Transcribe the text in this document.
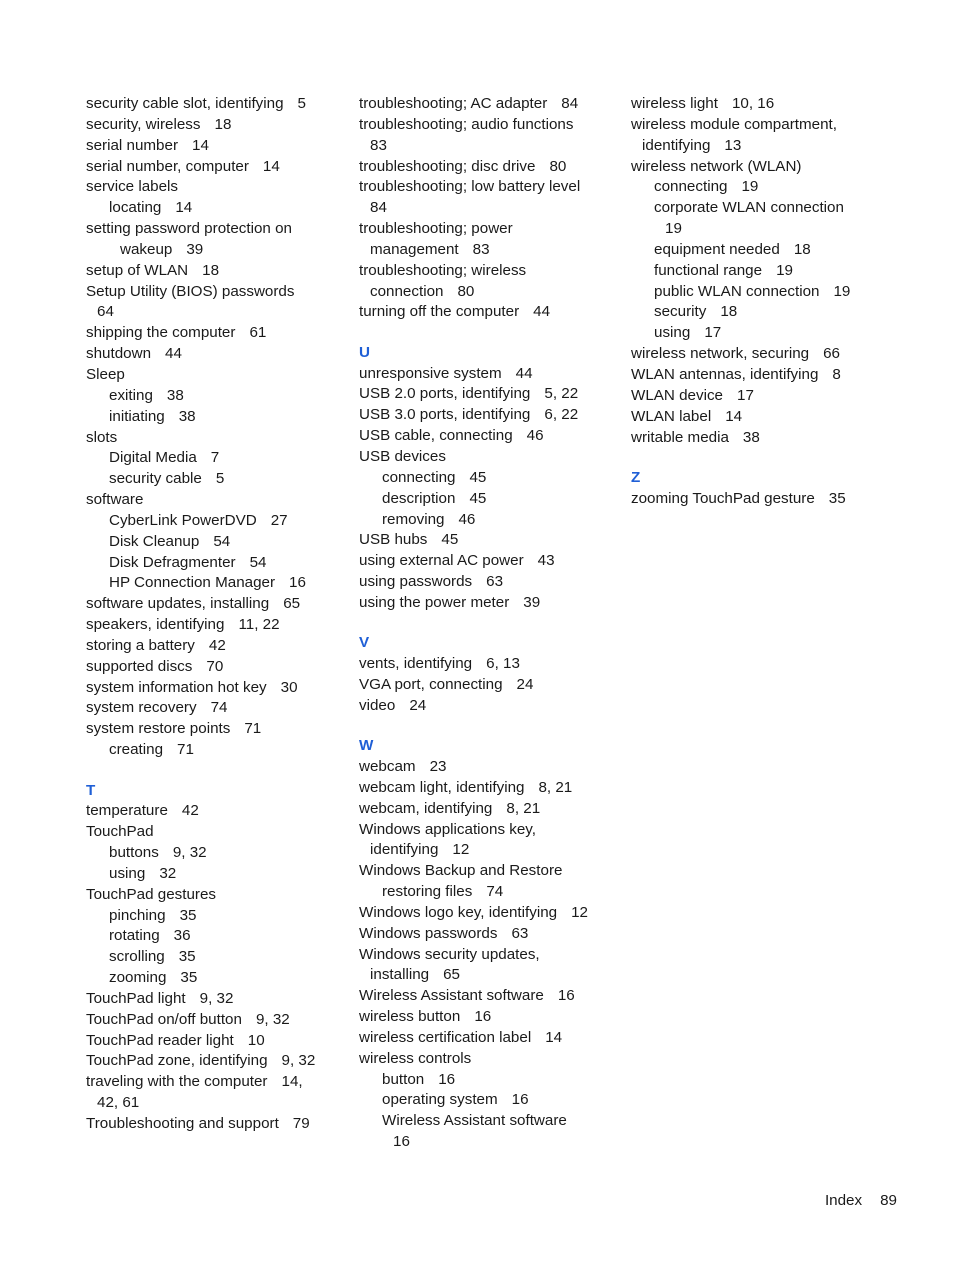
security cable slot, identifying 5
security, wireless 18
serial number 14
serial number, computer 14
service labels
locating 14
setting password protection on
wakeup 39
setup of WLAN 18
Setup Utility (BIOS) passwords
64
shipping the computer 61
shutdown 44
Sleep
exiting 38
initiating 38
slots
Digital Media 7
security cable 5
software
CyberLink PowerDVD 27
Disk Cleanup 54
Disk Defragmenter 54
HP Connection Manager 16
software updates, installing 65
speakers, identifying 11, 22
storing a battery 42
supported discs 70
system information hot key 30
system recovery 74
system restore points 71
creating 71
T
temperature 42
TouchPad
buttons 9, 32
using 32
TouchPad gestures
pinching 35
rotating 36
scrolling 35
zooming 35
TouchPad light 9, 32
TouchPad on/off button 9, 32
TouchPad reader light 10
TouchPad zone, identifying 9, 32
traveling with the computer 14,
42, 61
Troubleshooting and support 79
troubleshooting; AC adapter 84
troubleshooting; audio functions
83
troubleshooting; disc drive 80
troubleshooting; low battery level
84
troubleshooting; power
management 83
troubleshooting; wireless
connection 80
turning off the computer 44
U
unresponsive system 44
USB 2.0 ports, identifying 5, 22
USB 3.0 ports, identifying 6, 22
USB cable, connecting 46
USB devices
connecting 45
description 45
removing 46
USB hubs 45
using external AC power 43
using passwords 63
using the power meter 39
V
vents, identifying 6, 13
VGA port, connecting 24
video 24
W
webcam 23
webcam light, identifying 8, 21
webcam, identifying 8, 21
Windows applications key,
identifying 12
Windows Backup and Restore
restoring files 74
Windows logo key, identifying 12
Windows passwords 63
Windows security updates,
installing 65
Wireless Assistant software 16
wireless button 16
wireless certification label 14
wireless controls
button 16
operating system 16
Wireless Assistant software
16
wireless light 10, 16
wireless module compartment,
identifying 13
wireless network (WLAN)
connecting 19
corporate WLAN connection
19
equipment needed 18
functional range 19
public WLAN connection 19
security 18
using 17
wireless network, securing 66
WLAN antennas, identifying 8
WLAN device 17
WLAN label 14
writable media 38
Z
zooming TouchPad gesture 35
Index 89
